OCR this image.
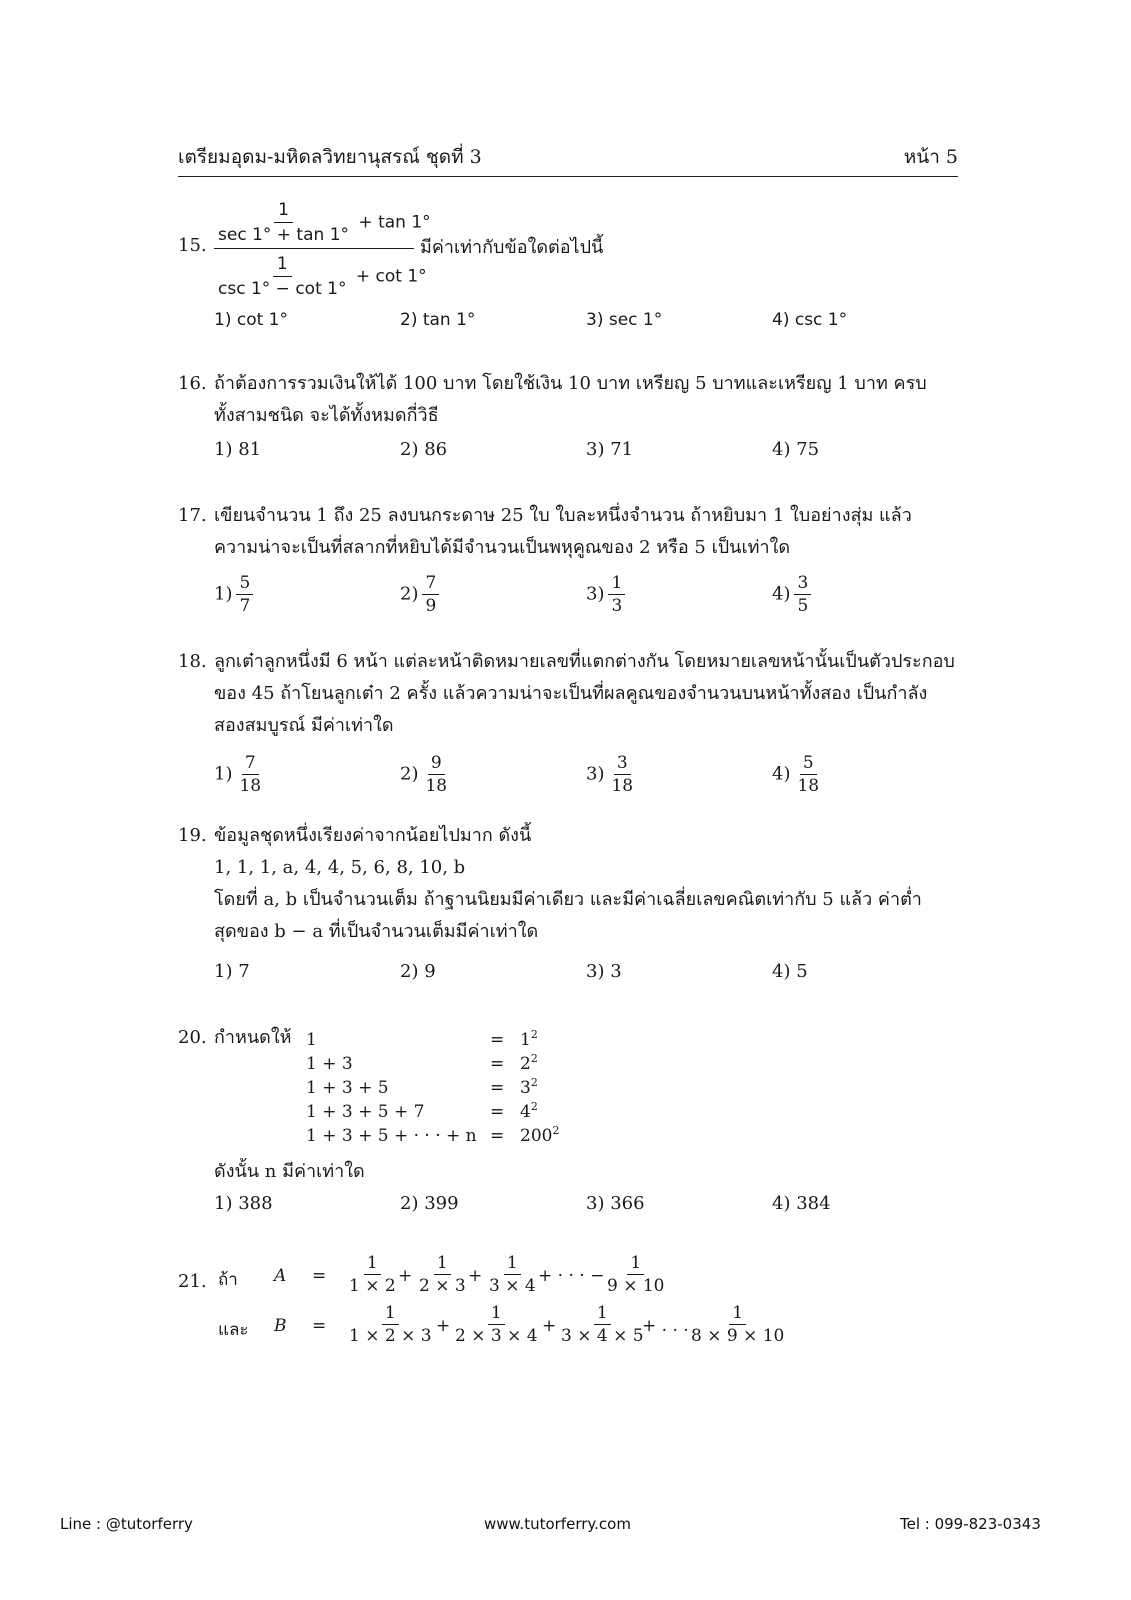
เตรียมอุดม-มหิดลวิทยานุสรณ์ ชุดที่ 3	หน้า 5
15. $\frac{1}{\sec 1^\circ + \tan 1^\circ} + \tan 1^\circ$
$\frac{1}{\csc 1^\circ - \cot 1^\circ} + \cot 1^\circ$
มีค่าเท่ากับข้อใดต่อไปนี้
1) cot 1°	2) tan 1°	3) sec 1°	4) csc 1°
16. ถ้าต้องการรวมเงินให้ได้ 100 บาท โดยใช้เงิน 10 บาท เหรียญ 5 บาทและเหรียญ 1 บาท ครบ
ทั้งสามชนิด จะได้ทั้งหมดกี่วิธี
1) 81	2) 86	3) 71	4) 75
17. เขียนจำนวน 1 ถึง 25 ลงบนกระดาษ 25 ใบ ใบละหนึ่งจำนวน ถ้าหยิบมา 1 ใบอย่างสุ่ม แล้ว
ความน่าจะเป็นที่สลากที่หยิบได้มีจำนวนเป็นพหุคูณของ 2 หรือ 5 เป็นเท่าใด
$1) \frac{5}{7}$	$2) \frac{7}{9}$	$3) \frac{1}{3}$	$4) \frac{3}{5}$
18. ลูกเต๋าลูกหนึ่งมี 6 หน้า แต่ละหน้าติดหมายเลขที่แตกต่างกัน โดยหมายเลขหน้านั้นเป็นตัวประกอบ
ของ 45 ถ้าโยนลูกเต๋า 2 ครั้ง แล้วความน่าจะเป็นที่ผลคูณของจำนวนบนหน้าทั้งสอง เป็นกำลัง
สองสมบูรณ์ มีค่าเท่าใด
$1) \frac{7}{18}$	$2) \frac{9}{18}$	$3) \frac{3}{18}$	$4) \frac{5}{18}$
19. ข้อมูลชุดหนึ่งเรียงค่าจากน้อยไปมาก ดังนี้
1, 1, 1, a, 4, 4, 5, 6, 8, 10, b
โดยที่ a, b เป็นจำนวนเต็ม ถ้าฐานนิยมมีค่าเดียว และมีค่าเฉลี่ยเลขคณิตเท่ากับ 5 แล้ว ค่าต่ำ
สุดของ b − a ที่เป็นจำนวนเต็มมีค่าเท่าใด
1) 7	2) 9	3) 3	4) 5
20. กำหนดให้ 1	= $1^2$
1 + 3	= $2^2$
1 + 3 + 5	= $3^2$
1 + 3 + 5 + 7	= $4^2$
1 + 3 + 5 + · · · + $n = 200^2$
ดังนั้น n มีค่าเท่าใด
1) 388	2) 399	3) 366	4) 384
21. ถ้า $A = \frac{1}{1 \times 2} + \frac{1}{2 \times 3} + \frac{1}{3 \times 4}$ + · · · − $\frac{1}{9 \times 10}$
และ $B = \frac{1}{1 \times 2 \times 3} + \frac{1}{2 \times 3 \times 4} + \frac{1}{3 \times 4 \times 5}$
+ . . . $\frac{1}{8 \times 9 \times 10}$
Line : @tutorferry	www.tutorferry.com	Tel : 099-823-0343
